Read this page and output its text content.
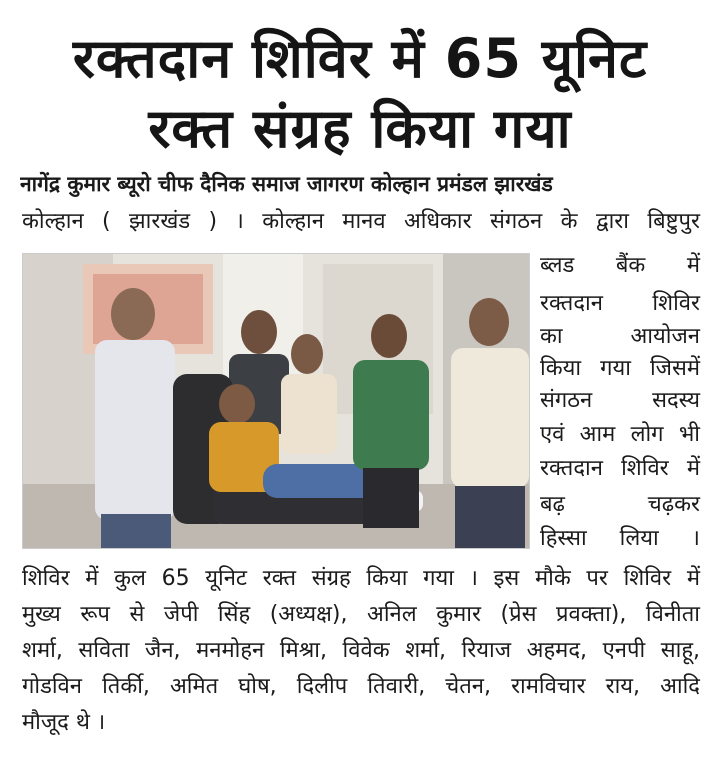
रक्तदान शिविर में 65 यूनिट
रक्त संग्रह किया गया
नागेंद्र कुमार ब्यूरो चीफ दैनिक समाज जागरण कोल्हान प्रमंडल झारखंड
कोल्हान ( झारखंड ) । कोल्हान मानव अधिकार संगठन के द्वारा बिष्टुपुर
ब्लड बैंक में
रक्तदान शिविर
का आयोजन
किया गया जिसमें
संगठन सदस्य
एवं आम लोग भी
रक्तदान शिविर में
बढ़ चढ़कर
हिस्सा लिया ।
शिविर में कुल 65 यूनिट रक्त संग्रह किया गया । इस मौके पर शिविर में
मुख्य रूप से जेपी सिंह (अध्यक्ष), अनिल कुमार (प्रेस प्रवक्ता), विनीता
शर्मा, सविता जैन, मनमोहन मिश्रा, विवेक शर्मा, रियाज अहमद, एनपी साहू,
गोडविन तिर्की, अमित घोष, दिलीप तिवारी, चेतन, रामविचार राय, आदि
मौजूद थे ।
